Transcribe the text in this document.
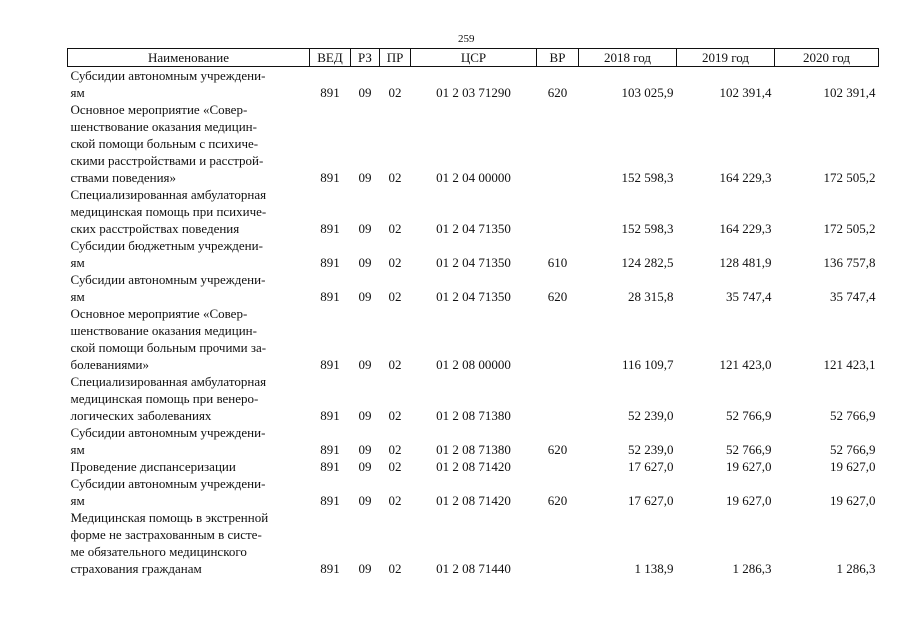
259
Наименование	ВЕД	РЗ	ПР	ЦСР	ВР	2018 год	2019 год	2020 год

Субсидии автономным учреждени-
ям	891	09	02	01 2 03 71290	620	103 025,9	102 391,4	102 391,4

Основное мероприятие «Совер-
шенствование оказания медицин-
ской помощи больным с психиче-
скими расстройствами и расстрой-
ствами поведения»	891	09	02	01 2 04 00000		152 598,3	164 229,3	172 505,2

Специализированная амбулаторная
медицинская помощь при психиче-
ских расстройствах поведения	891	09	02	01 2 04 71350		152 598,3	164 229,3	172 505,2

Субсидии бюджетным учреждени-
ям	891	09	02	01 2 04 71350	610	124 282,5	128 481,9	136 757,8

Субсидии автономным учреждени-
ям	891	09	02	01 2 04 71350	620	28 315,8	35 747,4	35 747,4

Основное мероприятие «Совер-
шенствование оказания медицин-
ской помощи больным прочими за-
болеваниями»	891	09	02	01 2 08 00000		116 109,7	121 423,0	121 423,1

Специализированная амбулаторная
медицинская помощь при венеро-
логических заболеваниях	891	09	02	01 2 08 71380		52 239,0	52 766,9	52 766,9

Субсидии автономным учреждени-
ям	891	09	02	01 2 08 71380	620	52 239,0	52 766,9	52 766,9

Проведение диспансеризации	891	09	02	01 2 08 71420		17 627,0	19 627,0	19 627,0

Субсидии автономным учреждени-
ям	891	09	02	01 2 08 71420	620	17 627,0	19 627,0	19 627,0

Медицинская помощь в экстренной
форме не застрахованным в систе-
ме обязательного медицинского
страхования гражданам	891	09	02	01 2 08 71440		1 138,9	1 286,3	1 286,3
